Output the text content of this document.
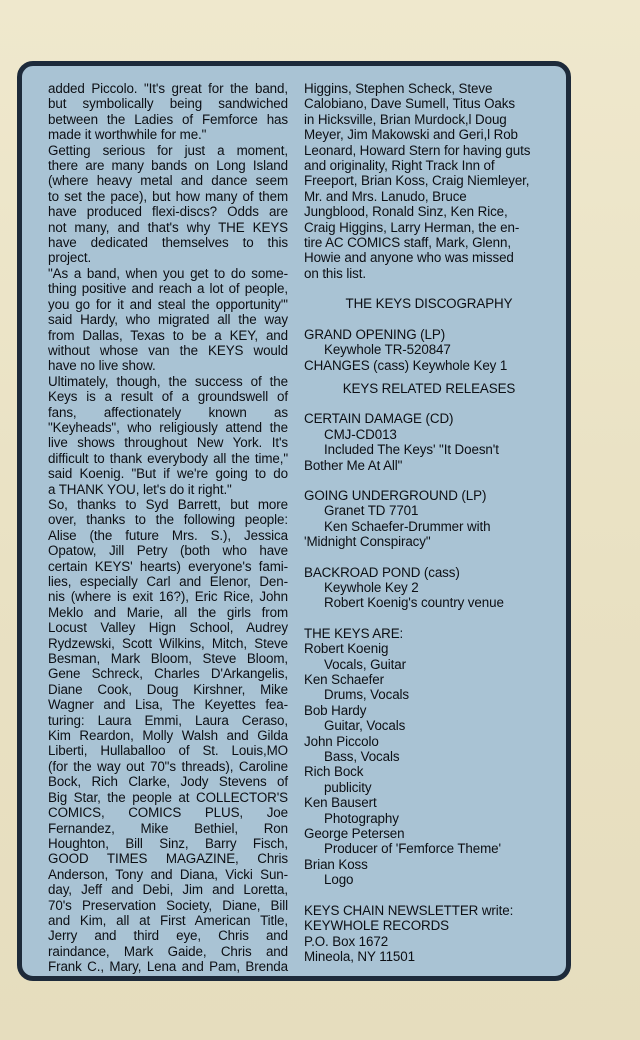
added Piccolo. "It's great for the band,
but symbolically being sandwiched
between the Ladies of Femforce has
made it worthwhile for me."
Getting serious for just a moment,
there are many bands on Long Island
(where heavy metal and dance seem
to set the pace), but how many of them
have produced flexi-discs? Odds are
not many, and that's why THE KEYS
have dedicated themselves to this
project.
"As a band, when you get to do some-
thing positive and reach a lot of people,
you go for it and steal the opportunity"'
said Hardy, who migrated all the way
from Dallas, Texas to be a KEY, and
without whose van the KEYS would
have no live show.
Ultimately, though, the success of the
Keys is a result of a groundswell of
fans, affectionately known as
"Keyheads", who religiously attend the
live shows throughout New York. It's
difficult to thank everybody all the time,"
said Koenig. "But if we're going to do
a THANK YOU, let's do it right."
So, thanks to Syd Barrett, but more
over, thanks to the following people:
Alise (the future Mrs. S.), Jessica
Opatow, Jill Petry (both who have
certain KEYS' hearts) everyone's fami-
lies, especially Carl and Elenor, Den-
nis (where is exit 16?), Eric Rice, John
Meklo and Marie, all the girls from
Locust Valley Hign School, Audrey
Rydzewski, Scott Wilkins, Mitch, Steve
Besman, Mark Bloom, Steve Bloom,
Gene Schreck, Charles D'Arkangelis,
Diane Cook, Doug Kirshner, Mike
Wagner and Lisa, The Keyettes fea-
turing: Laura Emmi, Laura Ceraso,
Kim Reardon, Molly Walsh and Gilda
Liberti, Hullaballoo of St. Louis,MO
(for the way out 70"s threads), Caroline
Bock, Rich Clarke, Jody Stevens of
Big Star, the people at COLLECTOR'S
COMICS, COMICS PLUS, Joe
Fernandez, Mike Bethiel, Ron
Houghton, Bill Sinz, Barry Fisch,
GOOD TIMES MAGAZINE, Chris
Anderson, Tony and Diana, Vicki Sun-
day, Jeff and Debi, Jim and Loretta,
70's Preservation Society, Diane, Bill
and Kim, all at First American Title,
Jerry and third eye, Chris and
raindance, Mark Gaide, Chris and
Frank C., Mary, Lena and Pam, Brenda
Higgins, Stephen Scheck, Steve
Calobiano, Dave Sumell, Titus Oaks
in Hicksville, Brian Murdock,l Doug
Meyer, Jim Makowski and Geri,l Rob
Leonard, Howard Stern for having guts
and originality, Right Track Inn of
Freeport, Brian Koss, Craig Niemleyer,
Mr. and Mrs. Lanudo, Bruce
Jungblood, Ronald Sinz, Ken Rice,
Craig Higgins, Larry Herman, the en-
tire AC COMICS staff, Mark, Glenn,
Howie and anyone who was missed
on this list.
THE KEYS DISCOGRAPHY
GRAND OPENING (LP)
Keywhole TR-520847
CHANGES (cass) Keywhole Key 1
KEYS RELATED RELEASES
CERTAIN DAMAGE (CD)
CMJ-CD013
Included The Keys' "It Doesn't
Bother Me At All"
GOING UNDERGROUND (LP)
Granet TD 7701
Ken Schaefer-Drummer with
'Midnight Conspiracy"
BACKROAD POND (cass)
Keywhole Key 2
Robert Koenig's country venue
THE KEYS ARE:
Robert Koenig
Vocals, Guitar
Ken Schaefer
Drums, Vocals
Bob Hardy
Guitar, Vocals
John Piccolo
Bass, Vocals
Rich Bock
publicity
Ken Bausert
Photography
George Petersen
Producer of 'Femforce Theme'
Brian Koss
Logo
KEYS CHAIN NEWSLETTER write:
KEYWHOLE RECORDS
P.O. Box 1672
Mineola, NY 11501
